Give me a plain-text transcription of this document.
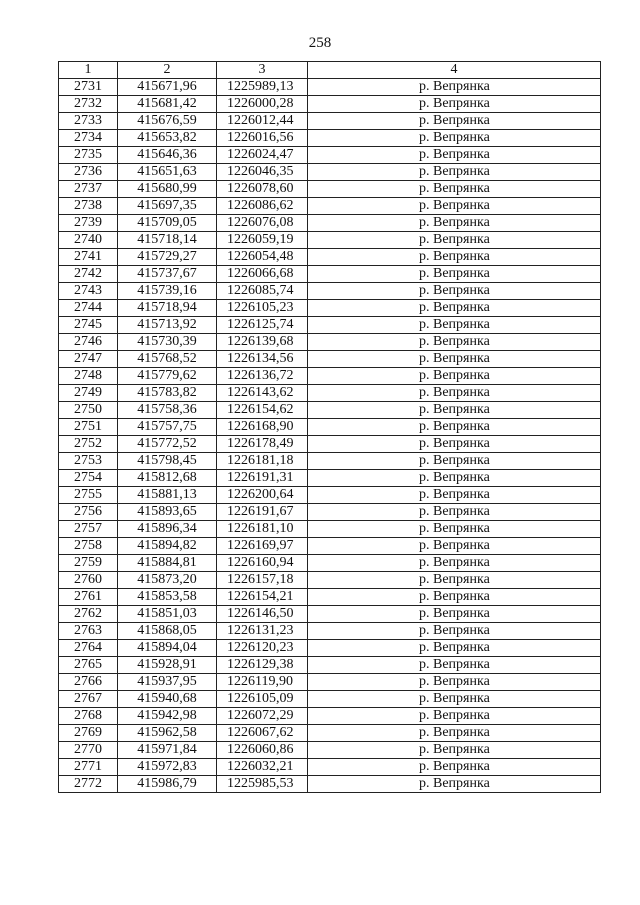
258
1	2	3	4
2731	415671,96	1225989,13	р. Вепрянка
2732	415681,42	1226000,28	р. Вепрянка
2733	415676,59	1226012,44	р. Вепрянка
2734	415653,82	1226016,56	р. Вепрянка
2735	415646,36	1226024,47	р. Вепрянка
2736	415651,63	1226046,35	р. Вепрянка
2737	415680,99	1226078,60	р. Вепрянка
2738	415697,35	1226086,62	р. Вепрянка
2739	415709,05	1226076,08	р. Вепрянка
2740	415718,14	1226059,19	р. Вепрянка
2741	415729,27	1226054,48	р. Вепрянка
2742	415737,67	1226066,68	р. Вепрянка
2743	415739,16	1226085,74	р. Вепрянка
2744	415718,94	1226105,23	р. Вепрянка
2745	415713,92	1226125,74	р. Вепрянка
2746	415730,39	1226139,68	р. Вепрянка
2747	415768,52	1226134,56	р. Вепрянка
2748	415779,62	1226136,72	р. Вепрянка
2749	415783,82	1226143,62	р. Вепрянка
2750	415758,36	1226154,62	р. Вепрянка
2751	415757,75	1226168,90	р. Вепрянка
2752	415772,52	1226178,49	р. Вепрянка
2753	415798,45	1226181,18	р. Вепрянка
2754	415812,68	1226191,31	р. Вепрянка
2755	415881,13	1226200,64	р. Вепрянка
2756	415893,65	1226191,67	р. Вепрянка
2757	415896,34	1226181,10	р. Вепрянка
2758	415894,82	1226169,97	р. Вепрянка
2759	415884,81	1226160,94	р. Вепрянка
2760	415873,20	1226157,18	р. Вепрянка
2761	415853,58	1226154,21	р. Вепрянка
2762	415851,03	1226146,50	р. Вепрянка
2763	415868,05	1226131,23	р. Вепрянка
2764	415894,04	1226120,23	р. Вепрянка
2765	415928,91	1226129,38	р. Вепрянка
2766	415937,95	1226119,90	р. Вепрянка
2767	415940,68	1226105,09	р. Вепрянка
2768	415942,98	1226072,29	р. Вепрянка
2769	415962,58	1226067,62	р. Вепрянка
2770	415971,84	1226060,86	р. Вепрянка
2771	415972,83	1226032,21	р. Вепрянка
2772	415986,79	1225985,53	р. Вепрянка
